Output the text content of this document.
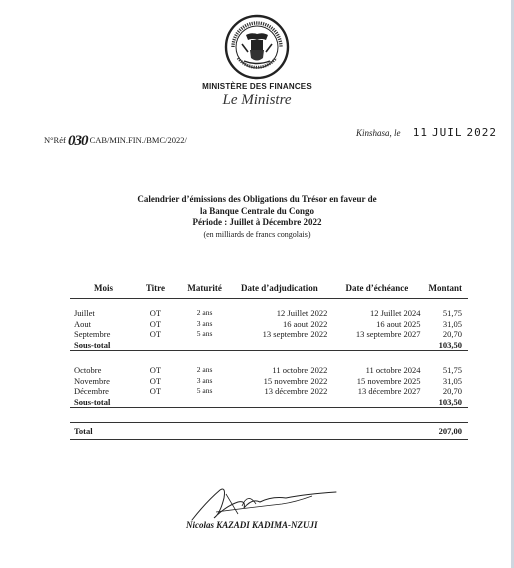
MINISTÈRE DES FINANCES
Le Ministre
N°Réf 030 CAB/MIN.FIN./BMC/2022/
Kinshasa, le 11 JUIL 2022
Calendrier d’émissions des Obligations du Trésor en faveur de
la Banque Centrale du Congo
Période : Juillet à Décembre 2022
(en milliards de francs congolais)
Mois	Titre	Maturité	Date d’adjudication	Date d’échéance	Montant

Juillet	OT	2 ans	12 Juillet 2022	12 Juillet 2024	51,75
Aout	OT	3 ans	16 aout 2022	16 aout 2025	31,05
Septembre	OT	5 ans	13 septembre 2022	13 septembre 2027	20,70
Sous-total					103,50

Octobre	OT	2 ans	11 octobre 2022	11 octobre 2024	51,75
Novembre	OT	3 ans	15 novembre 2022	15 novembre 2025	31,05
Décembre	OT	5 ans	13 décembre 2022	13 décembre 2027	20,70
Sous-total					103,50

Total					207,00
Nicolas KAZADI KADIMA-NZUJI
